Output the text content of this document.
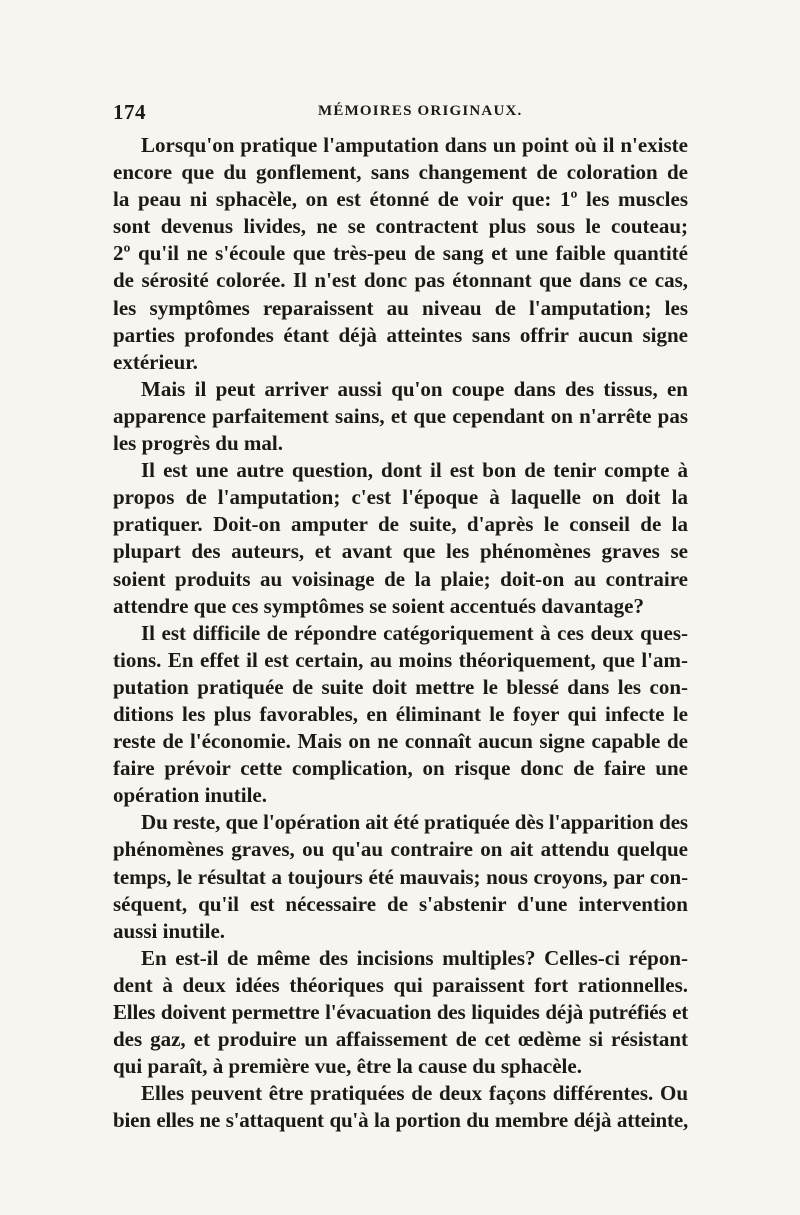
174	MÉMOIRES ORIGINAUX.
Lorsqu'on pratique l'amputation dans un point où il n'existe
encore que du gonflement, sans changement de coloration de
la peau ni sphacèle, on est étonné de voir que: 1º les muscles
sont devenus livides, ne se contractent plus sous le couteau;
2º qu'il ne s'écoule que très-peu de sang et une faible quantité
de sérosité colorée. Il n'est donc pas étonnant que dans ce cas,
les symptômes reparaissent au niveau de l'amputation; les
parties profondes étant déjà atteintes sans offrir aucun signe
extérieur.
Mais il peut arriver aussi qu'on coupe dans des tissus, en
apparence parfaitement sains, et que cependant on n'arrête pas
les progrès du mal.
Il est une autre question, dont il est bon de tenir compte à
propos de l'amputation; c'est l'époque à laquelle on doit la
pratiquer. Doit-on amputer de suite, d'après le conseil de la
plupart des auteurs, et avant que les phénomènes graves se
soient produits au voisinage de la plaie; doit-on au contraire
attendre que ces symptômes se soient accentués davantage?
Il est difficile de répondre catégoriquement à ces deux ques-
tions. En effet il est certain, au moins théoriquement, que l'am-
putation pratiquée de suite doit mettre le blessé dans les con-
ditions les plus favorables, en éliminant le foyer qui infecte le
reste de l'économie. Mais on ne connaît aucun signe capable de
faire prévoir cette complication, on risque donc de faire une
opération inutile.
Du reste, que l'opération ait été pratiquée dès l'apparition des
phénomènes graves, ou qu'au contraire on ait attendu quelque
temps, le résultat a toujours été mauvais; nous croyons, par con-
séquent, qu'il est nécessaire de s'abstenir d'une intervention
aussi inutile.
En est-il de même des incisions multiples? Celles-ci répon-
dent à deux idées théoriques qui paraissent fort rationnelles.
Elles doivent permettre l'évacuation des liquides déjà putréfiés et
des gaz, et produire un affaissement de cet œdème si résistant
qui paraît, à première vue, être la cause du sphacèle.
Elles peuvent être pratiquées de deux façons différentes. Ou
bien elles ne s'attaquent qu'à la portion du membre déjà atteinte,
